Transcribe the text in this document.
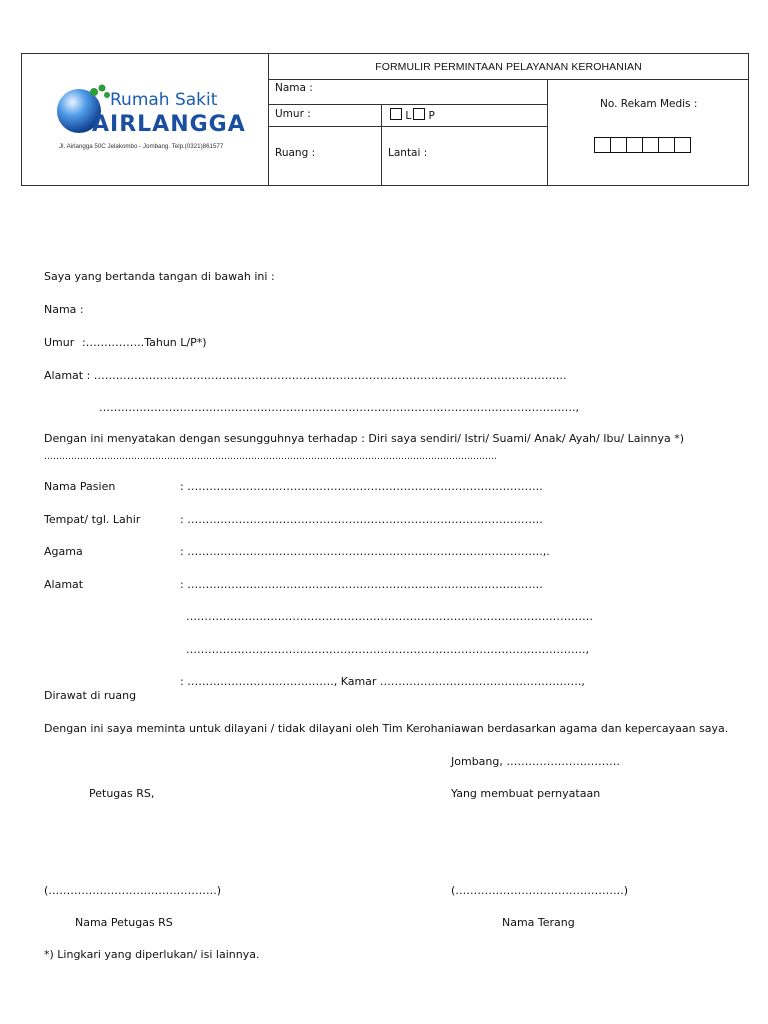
Rumah Sakit
AIRLANGGA
Jl. Airlangga 50C Jelakombo - Jombang. Telp.(0321)861577	FORMULIR PERMINTAAN PELAYANAN KEROHANIAN		

	Nama :		No. Rekam Medis :

	Umur :	L P	

	Ruang :	Lantai :	
Saya yang bertanda tangan di bawah ini :
Nama :
Umur :…………….Tahun L/P*)
Alamat : …………………………………………………………………………………………………………………
………………………………………………………………………………………………………………….,
Dengan ini menyatakan dengan sesungguhnya terhadap : Diri saya sendiri/ Istri/ Suami/ Anak/ Ayah/ Ibu/ Lainnya *)
…………………………………………………………………………………………………………………………………….
Nama Pasien	: …………………………………………………………………………………….
Tempat/ tgl. Lahir	: …………………………………………………………………………………….
Agama	: …………………………………………………………………………………….,.
Alamat	: …………………………………………………………………………………….
…………………………………………………………………………………………………
……………………………………………………………………………………………….,
: …………………………………., Kamar ……………………………………………….,
Dirawat di ruang
Dengan ini saya meminta untuk dilayani / tidak dilayani oleh Tim Kerohaniawan berdasarkan agama dan kepercayaan saya.
Jombang, ………………………….
Petugas RS,	Yang membuat pernyataan
(……………………………………….)	(……………………………………….)
Nama Petugas RS	Nama Terang
*) Lingkari yang diperlukan/ isi lainnya.
